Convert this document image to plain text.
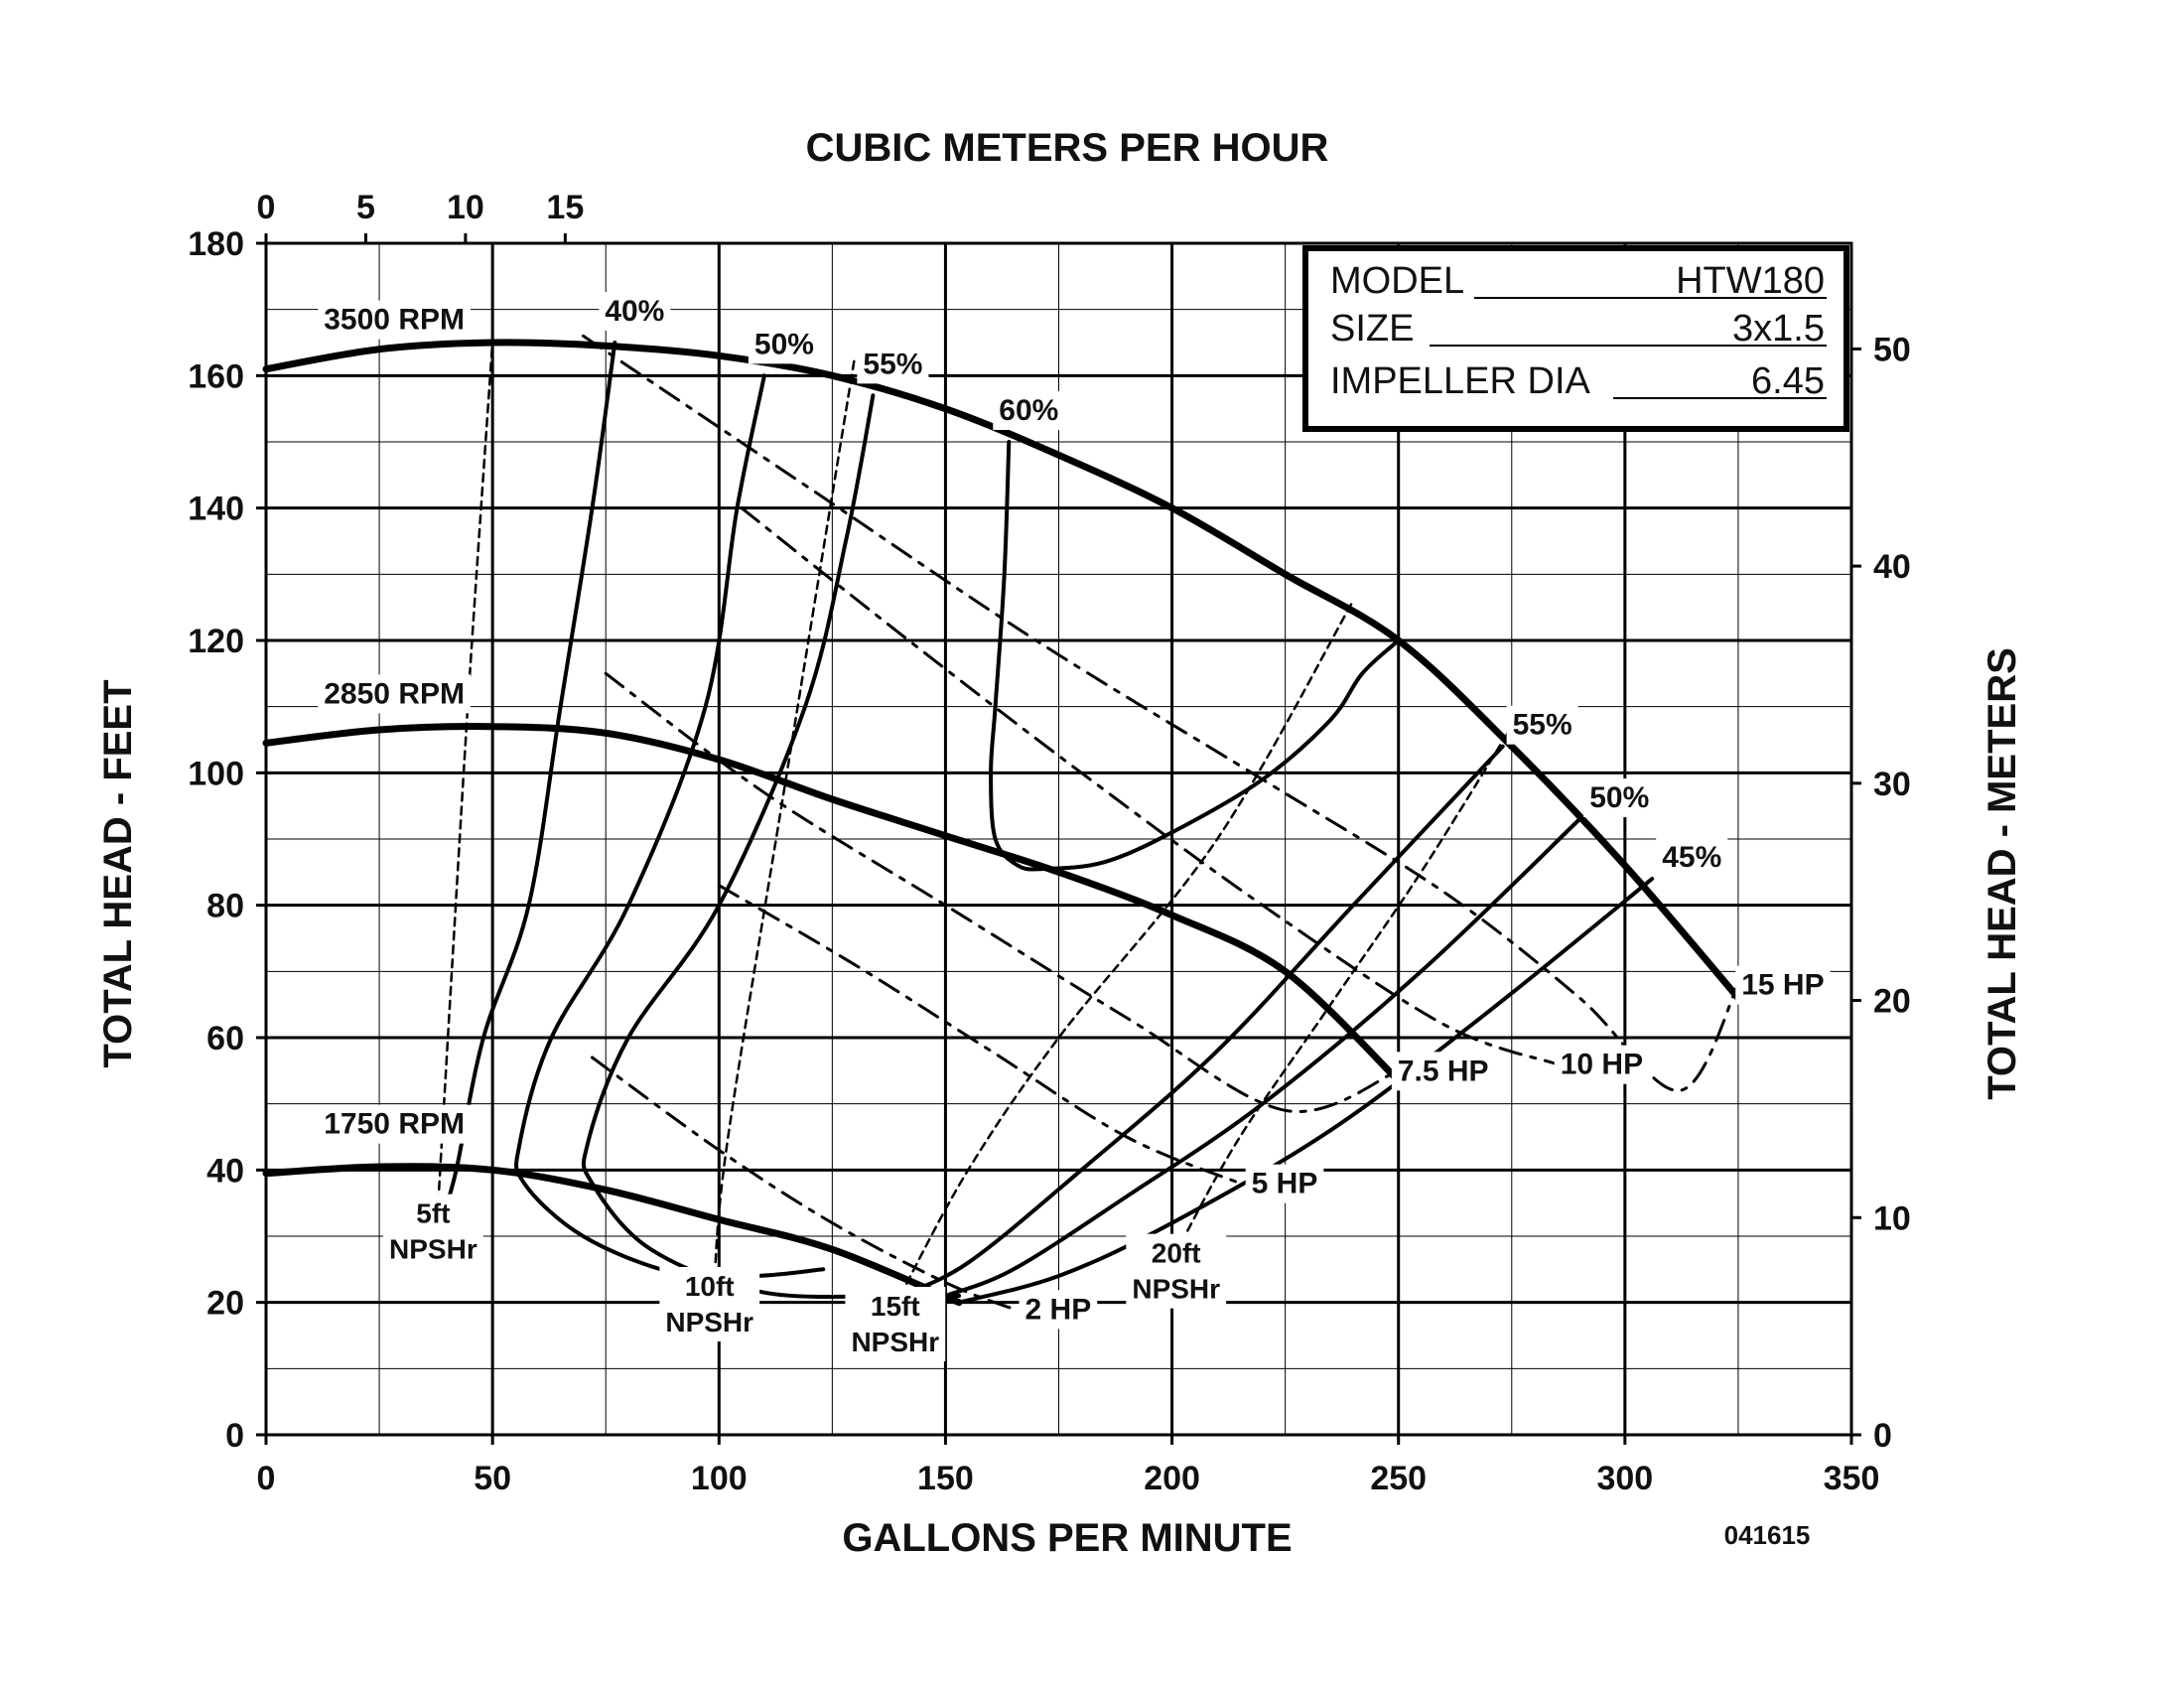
3500 RPM
2850 RPM
1750 RPM
40%
50%
55%
60%
55%
50%
45%
15 HP
10 HP
7.5 HP
5 HP
2 HP
5ft
NPSHr
10ft
NPSHr
15ft
NPSHr
20ft
NPSHr
0	50	100	150	200	250	300	350
0
20
40
60
80
100
120
140
160
180
0 5 10 15
0
10
20
30
40
50
GALLONS PER MINUTE
CUBIC METERS PER HOUR
TOTAL HEAD - FEET	TOTAL HEAD - METERS
041615
MODEL	HTW180
SIZE	3x1.5
IMPELLER DIA	6.45
